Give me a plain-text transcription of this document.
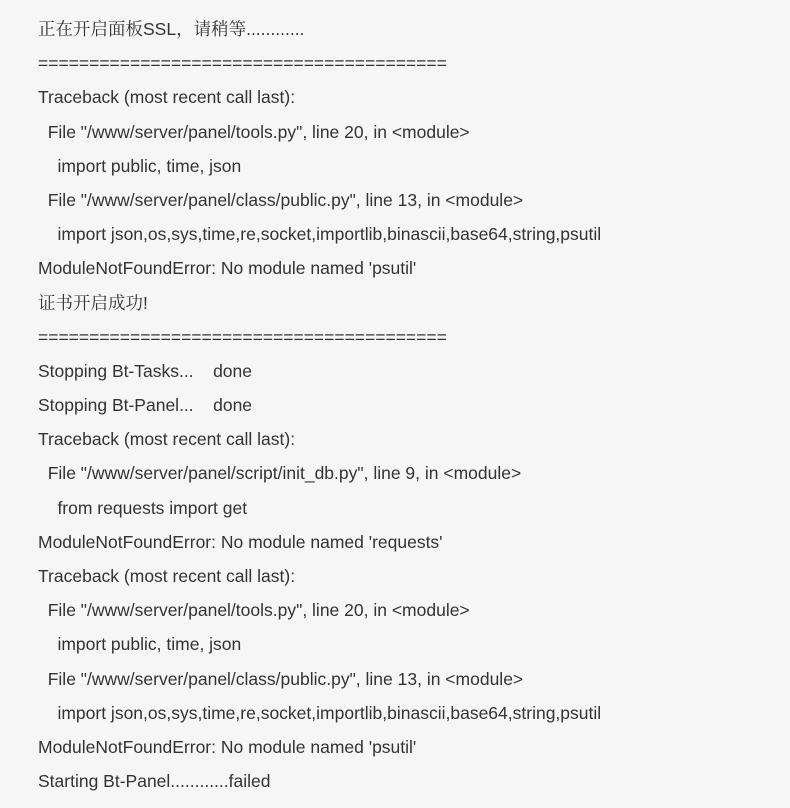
正在开启面板SSL，请稍等............
========================================
Traceback (most recent call last):
File "/www/server/panel/tools.py", line 20, in <module>
import public, time, json
File "/www/server/panel/class/public.py", line 13, in <module>
import json,os,sys,time,re,socket,importlib,binascii,base64,string,psutil
ModuleNotFoundError: No module named 'psutil'
证书开启成功!
========================================
Stopping Bt-Tasks...    done
Stopping Bt-Panel...    done
Traceback (most recent call last):
File "/www/server/panel/script/init_db.py", line 9, in <module>
from requests import get
ModuleNotFoundError: No module named 'requests'
Traceback (most recent call last):
File "/www/server/panel/tools.py", line 20, in <module>
import public, time, json
File "/www/server/panel/class/public.py", line 13, in <module>
import json,os,sys,time,re,socket,importlib,binascii,base64,string,psutil
ModuleNotFoundError: No module named 'psutil'
Starting Bt-Panel............failed
